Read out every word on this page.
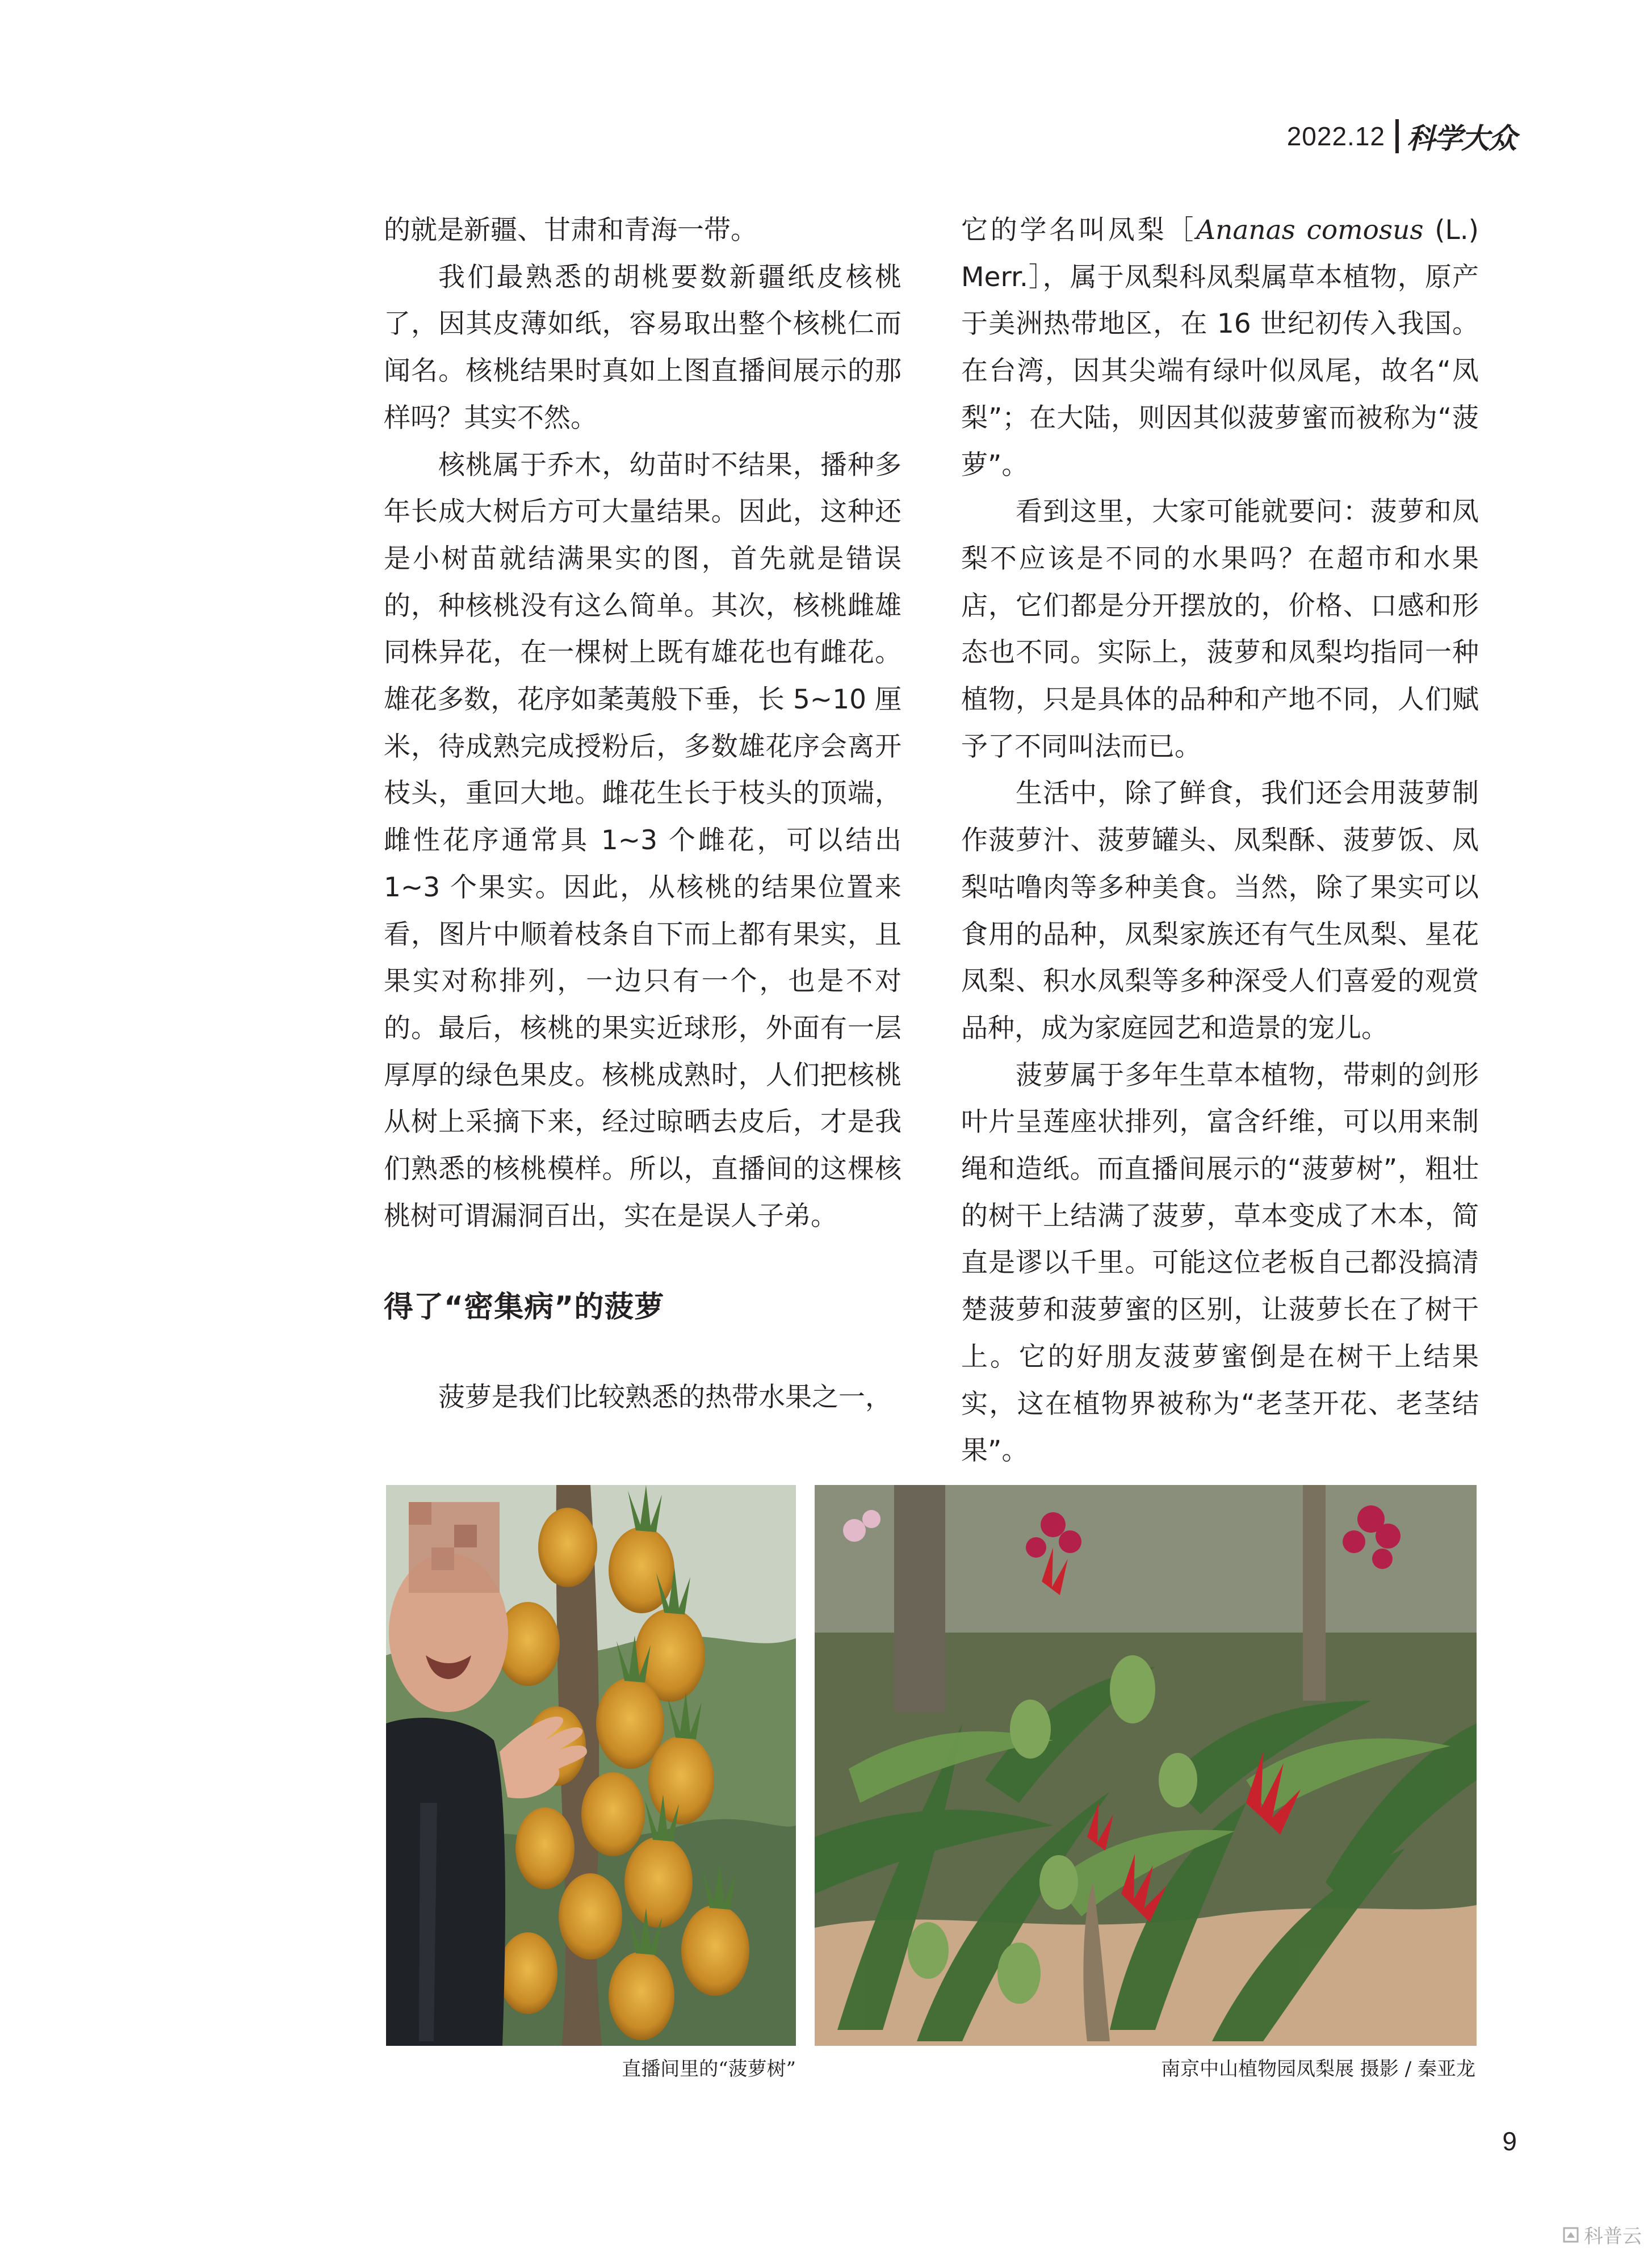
2022.12 科学大众

的就是新疆、甘肃和青海一带。

我们最熟悉的胡桃要数新疆纸皮核桃了，因其皮薄如纸，容易取出整个核桃仁而闻名。核桃结果时真如上图直播间展示的那样吗？其实不然。

核桃属于乔木，幼苗时不结果，播种多年长成大树后方可大量结果。因此，这种还是小树苗就结满果实的图，首先就是错误的，种核桃没有这么简单。其次，核桃雌雄同株异花，在一棵树上既有雄花也有雌花。雄花多数，花序如葇荑般下垂，长 5~10 厘米，待成熟完成授粉后，多数雄花序会离开枝头，重回大地。雌花生长于枝头的顶端，雌性花序通常具 1~3 个雌花，可以结出 1~3 个果实。因此，从核桃的结果位置来看，图片中顺着枝条自下而上都有果实，且果实对称排列，一边只有一个，也是不对的。最后，核桃的果实近球形，外面有一层厚厚的绿色果皮。核桃成熟时，人们把核桃从树上采摘下来，经过晾晒去皮后，才是我们熟悉的核桃模样。所以，直播间的这棵核桃树可谓漏洞百出，实在是误人子弟。

得了“密集病”的菠萝

菠萝是我们比较熟悉的热带水果之一，

它的学名叫凤梨［Ananas comosus (L.) Merr.］，属于凤梨科凤梨属草本植物，原产于美洲热带地区，在 16 世纪初传入我国。在台湾，因其尖端有绿叶似凤尾，故名“凤梨”；在大陆，则因其似菠萝蜜而被称为“菠萝”。

看到这里，大家可能就要问：菠萝和凤梨不应该是不同的水果吗？在超市和水果店，它们都是分开摆放的，价格、口感和形态也不同。实际上，菠萝和凤梨均指同一种植物，只是具体的品种和产地不同，人们赋予了不同叫法而已。

生活中，除了鲜食，我们还会用菠萝制作菠萝汁、菠萝罐头、凤梨酥、菠萝饭、凤梨咕噜肉等多种美食。当然，除了果实可以食用的品种，凤梨家族还有气生凤梨、星花凤梨、积水凤梨等多种深受人们喜爱的观赏品种，成为家庭园艺和造景的宠儿。

菠萝属于多年生草本植物，带刺的剑形叶片呈莲座状排列，富含纤维，可以用来制绳和造纸。而直播间展示的“菠萝树”，粗壮的树干上结满了菠萝，草本变成了木本，简直是谬以千里。可能这位老板自己都没搞清楚菠萝和菠萝蜜的区别，让菠萝长在了树干上。它的好朋友菠萝蜜倒是在树干上结果实，这在植物界被称为“老茎开花、老茎结果”。

直播间里的“菠萝树”	南京中山植物园凤梨展 摄影 / 秦亚龙
9
科普云
